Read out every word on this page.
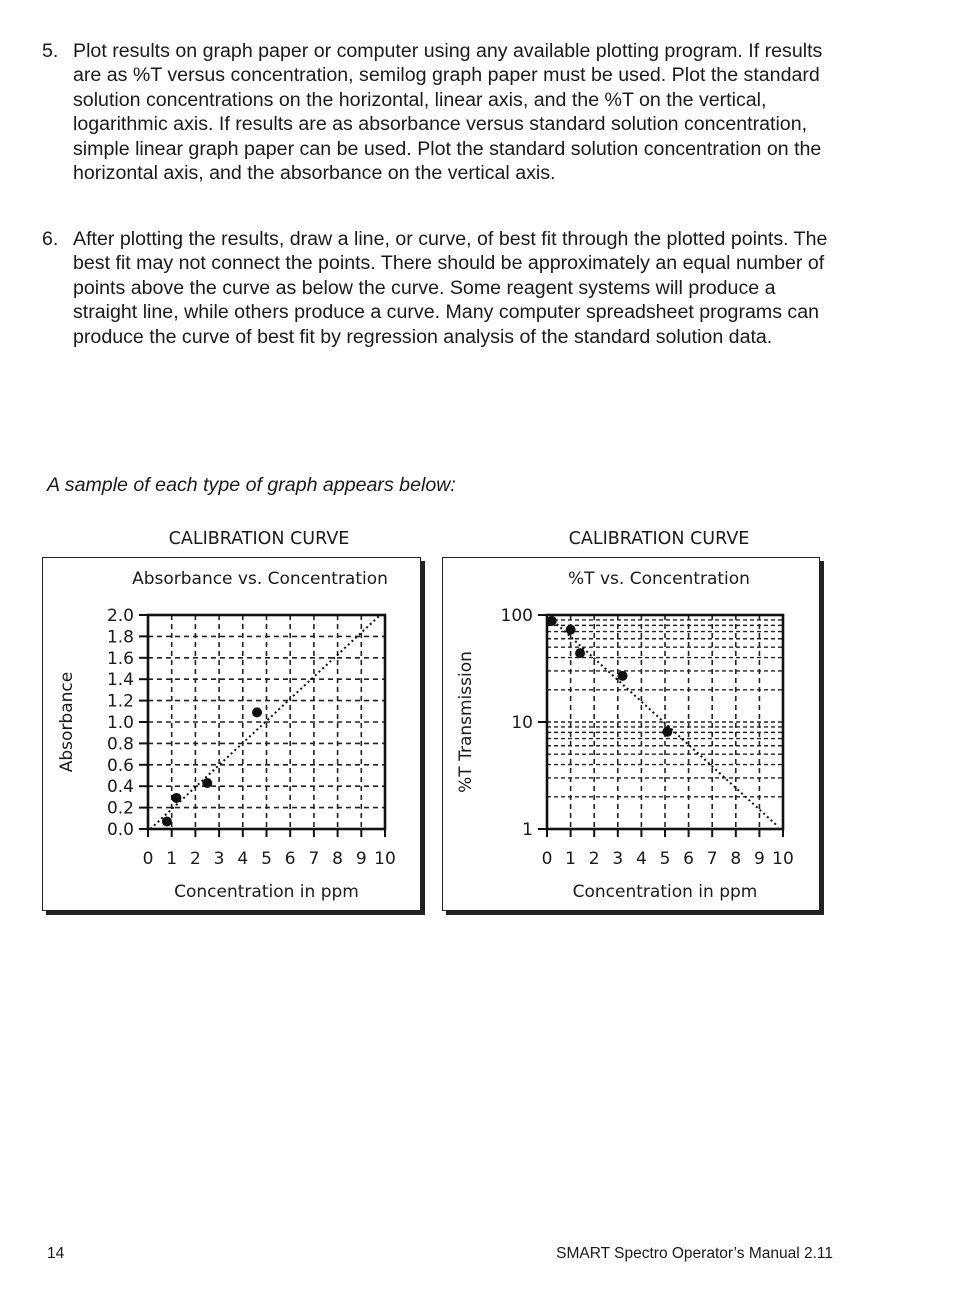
5. Plot results on graph paper or computer using any available plotting program. If results are as %T versus concentration, semilog graph paper must be used. Plot the standard solution concentrations on the horizontal, linear axis, and the %T on the vertical, logarithmic axis. If results are as absorbance versus standard solution concentration, simple linear graph paper can be used. Plot the standard solution concentration on the horizontal axis, and the absorbance on the vertical axis.
6. After plotting the results, draw a line, or curve, of best fit through the plotted points. The best fit may not connect the points. There should be approximately an equal number of points above the curve as below the curve. Some reagent systems will produce a straight line, while others produce a curve. Many computer spreadsheet programs can produce the curve of best fit by regression analysis of the standard solution data.
A sample of each type of graph appears below:
CALIBRATION CURVE	CALIBRATION CURVE
Absorbance vs. Concentration
0.0
0.2
0.4
0.6
0.8
1.0
1.2
1.4
1.6
1.8
2.0
0 1 2 3 4 5 6 7 8 9 10
Concentration in ppm
Absorbance
%T vs. Concentration
1
10
100
0 1 2 3 4 5 6 7 8 9 10
Concentration in ppm
%T Transmission
14	SMART Spectro Operator’s Manual 2.11
